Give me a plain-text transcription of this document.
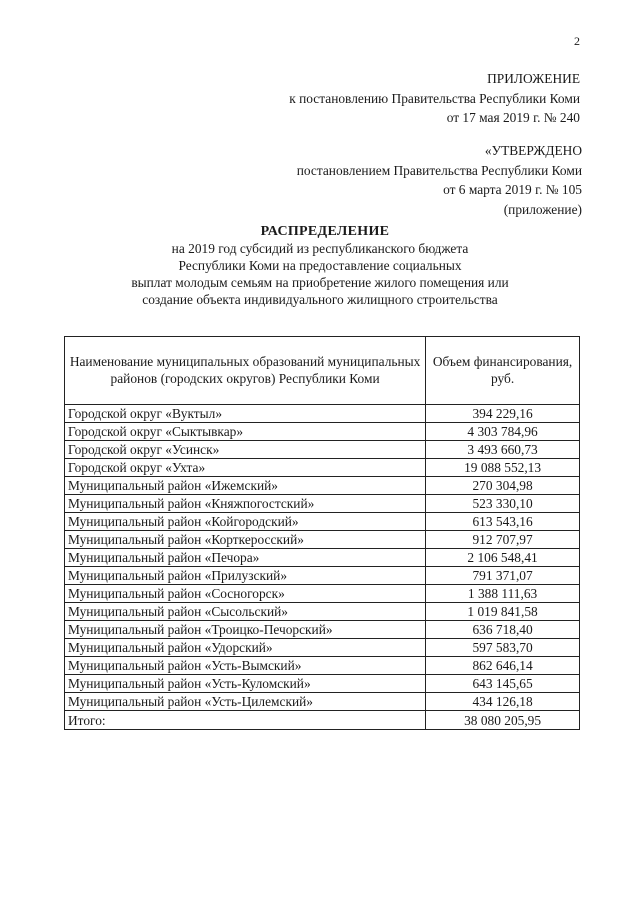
2
ПРИЛОЖЕНИЕ
к постановлению Правительства Республики Коми
от 17 мая 2019 г. № 240
«УТВЕРЖДЕНО
постановлением Правительства Республики Коми
от 6 марта 2019 г. № 105
(приложение)
РАСПРЕДЕЛЕНИЕ
на 2019 год субсидий из республиканского бюджета
Республики Коми на предоставление социальных
выплат молодым семьям на приобретение жилого помещения или
создание объекта индивидуального жилищного строительства
Наименование муниципальных образований муниципальных районов (городских округов) Республики Коми	Объем финансирования, руб.
Городской округ «Вуктыл»	394 229,16
Городской округ «Сыктывкар»	4 303 784,96
Городской округ «Усинск»	3 493 660,73
Городской округ «Ухта»	19 088 552,13
Муниципальный район «Ижемский»	270 304,98
Муниципальный район «Княжпогостский»	523 330,10
Муниципальный район «Койгородский»	613 543,16
Муниципальный район «Корткеросский»	912 707,97
Муниципальный район «Печора»	2 106 548,41
Муниципальный район «Прилузский»	791 371,07
Муниципальный район «Сосногорск»	1 388 111,63
Муниципальный район «Сысольский»	1 019 841,58
Муниципальный район «Троицко-Печорский»	636 718,40
Муниципальный район «Удорский»	597 583,70
Муниципальный район «Усть-Вымский»	862 646,14
Муниципальный район «Усть-Куломский»	643 145,65
Муниципальный район «Усть-Цилемский»	434 126,18
Итого:	38 080 205,95
